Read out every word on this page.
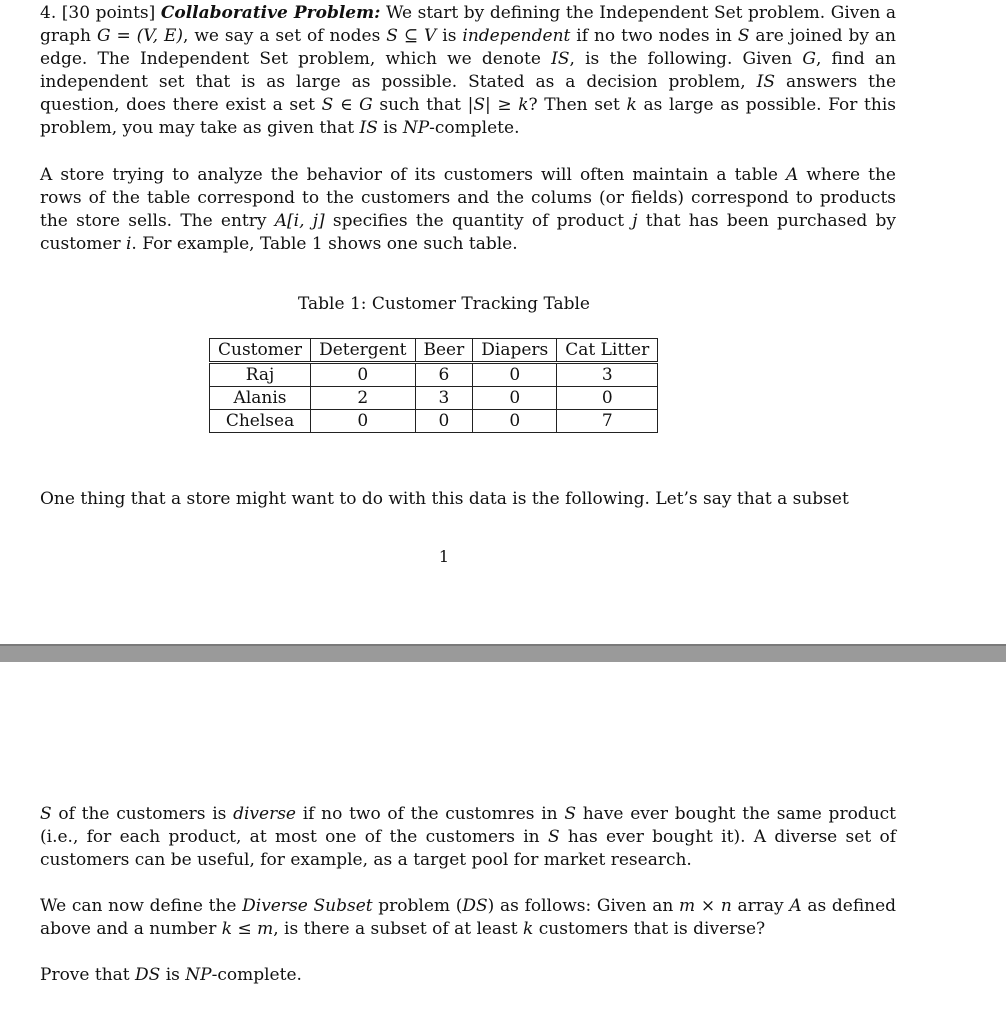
4. [30 points] Collaborative Problem: We start by defining the Independent Set problem. Given a graph G = (V, E), we say a set of nodes S ⊆ V is independent if no two nodes in S are joined by an edge. The Independent Set problem, which we denote IS, is the following. Given G, find an independent set that is as large as possible. Stated as a decision problem, IS answers the question, does there exist a set S ∈ G such that |S| ≥ k? Then set k as large as possible. For this problem, you may take as given that IS is NP-complete.

A store trying to analyze the behavior of its customers will often maintain a table A where the rows of the table correspond to the customers and the colums (or fields) correspond to products the store sells. The entry A[i, j] specifies the quantity of product j that has been purchased by customer i. For example, Table 1 shows one such table.

Table 1: Customer Tracking Table
Customer	Detergent	Beer	Diapers	Cat Litter
Raj	0	6	0	3
Alanis	2	3	0	0
Chelsea	0	0	0	7

One thing that a store might want to do with this data is the following. Let’s say that a subset

1

S of the customers is diverse if no two of the customres in S have ever bought the same product (i.e., for each product, at most one of the customers in S has ever bought it). A diverse set of customers can be useful, for example, as a target pool for market research.

We can now define the Diverse Subset problem (DS) as follows: Given an m × n array A as defined above and a number k ≤ m, is there a subset of at least k customers that is diverse?

Prove that DS is NP-complete.
